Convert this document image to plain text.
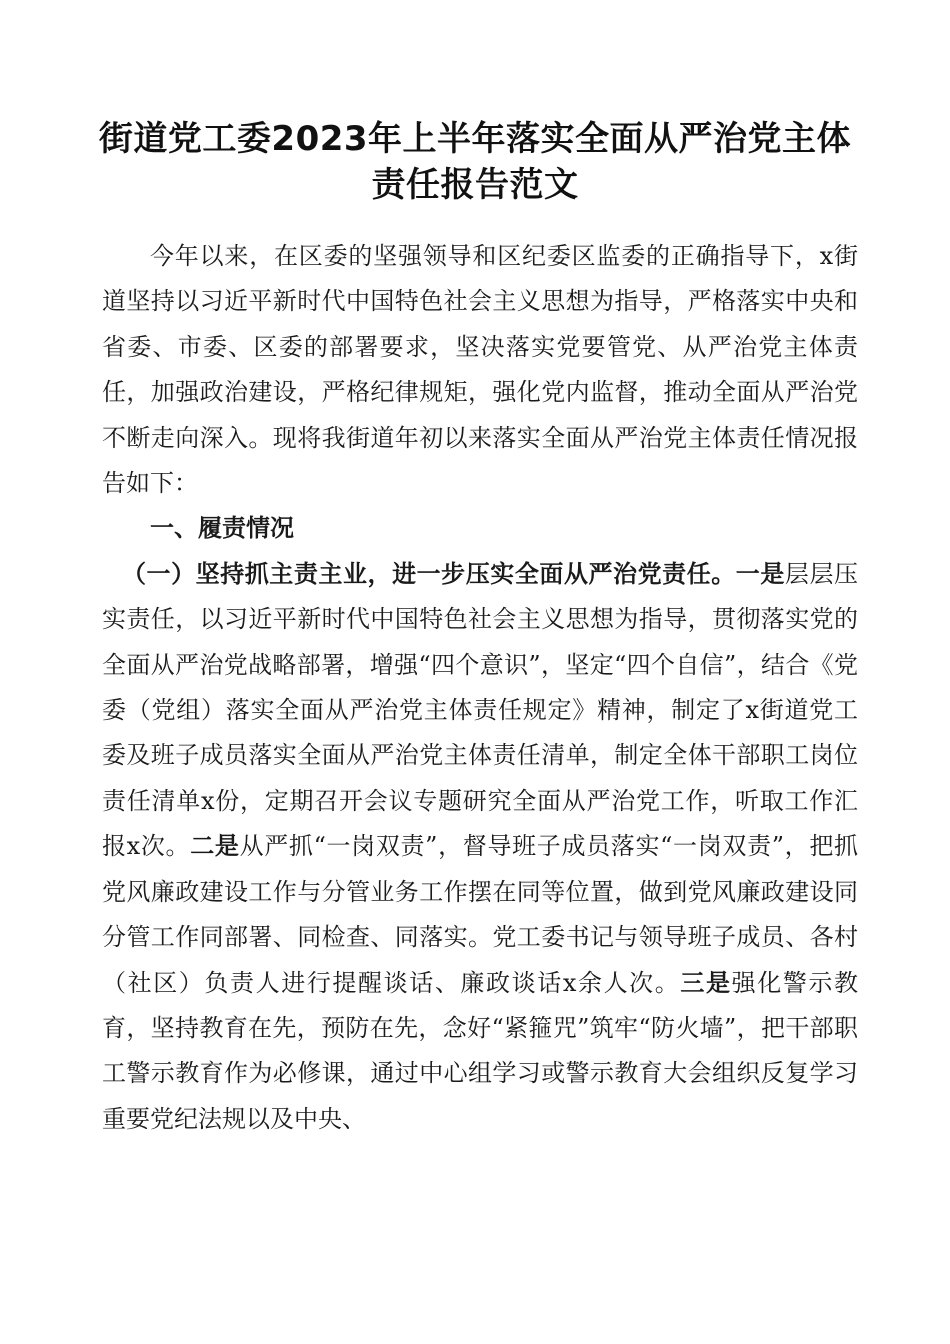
街道党工委2023年上半年落实全面从严治党主体
责任报告范文

今年以来，在区委的坚强领导和区纪委区监委的正确指导下，x街道坚持以习近平新时代中国特色社会主义思想为指导，严格落实中央和省委、市委、区委的部署要求，坚决落实党要管党、从严治党主体责任，加强政治建设，严格纪律规矩，强化党内监督，推动全面从严治党不断走向深入。现将我街道年初以来落实全面从严治党主体责任情况报告如下：

一、履责情况

（一）坚持抓主责主业，进一步压实全面从严治党责任。一是层层压实责任，以习近平新时代中国特色社会主义思想为指导，贯彻落实党的全面从严治党战略部署，增强“四个意识”，坚定“四个自信”，结合《党委（党组）落实全面从严治党主体责任规定》精神，制定了x街道党工委及班子成员落实全面从严治党主体责任清单，制定全体干部职工岗位责任清单x份，定期召开会议专题研究全面从严治党工作，听取工作汇报x次。二是从严抓“一岗双责”，督导班子成员落实“一岗双责”，把抓党风廉政建设工作与分管业务工作摆在同等位置，做到党风廉政建设同分管工作同部署、同检查、同落实。党工委书记与领导班子成员、各村（社区）负责人进行提醒谈话、廉政谈话x余人次。三是强化警示教育，坚持教育在先，预防在先，念好“紧箍咒”筑牢“防火墙”，把干部职工警示教育作为必修课，通过中心组学习或警示教育大会组织反复学习重要党纪法规以及中央、
